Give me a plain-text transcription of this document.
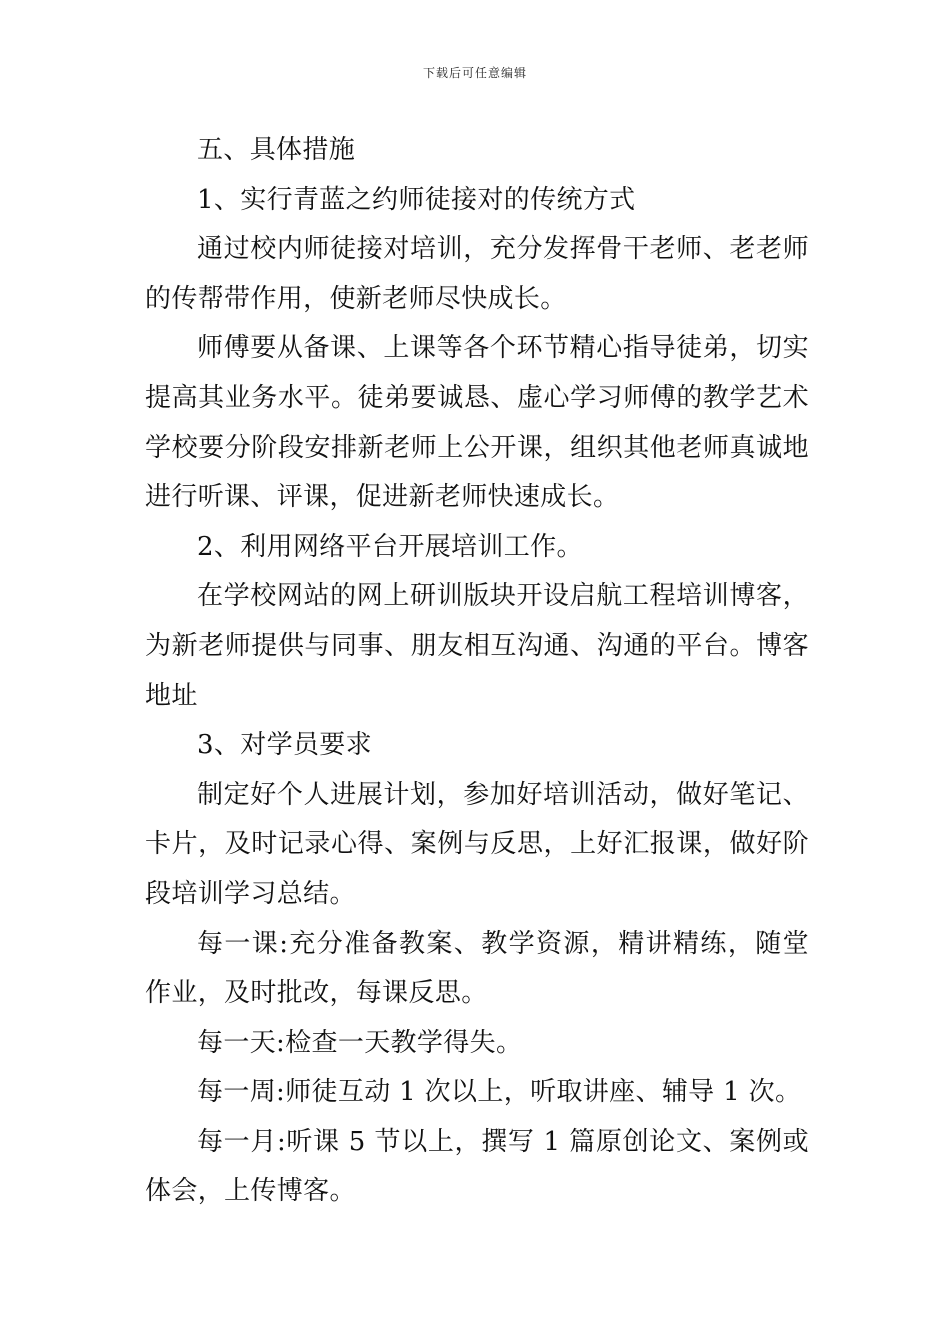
下载后可任意编辑

五、具体措施

1、实行青蓝之约师徒接对的传统方式

通过校内师徒接对培训，充分发挥骨干老师、老老师的传帮带作用，使新老师尽快成长。

师傅要从备课、上课等各个环节精心指导徒弟，切实提高其业务水平。徒弟要诚恳、虚心学习师傅的教学艺术学校要分阶段安排新老师上公开课，组织其他老师真诚地进行听课、评课，促进新老师快速成长。

2、利用网络平台开展培训工作。

在学校网站的网上研训版块开设启航工程培训博客，为新老师提供与同事、朋友相互沟通、沟通的平台。博客地址

3、对学员要求

制定好个人进展计划，参加好培训活动，做好笔记、卡片，及时记录心得、案例与反思，上好汇报课，做好阶段培训学习总结。

每一课:充分准备教案、教学资源，精讲精练，随堂作业，及时批改，每课反思。

每一天:检查一天教学得失。

每一周:师徒互动 1 次以上，听取讲座、辅导 1 次。

每一月:听课 5 节以上，撰写 1 篇原创论文、案例或体会，上传博客。
